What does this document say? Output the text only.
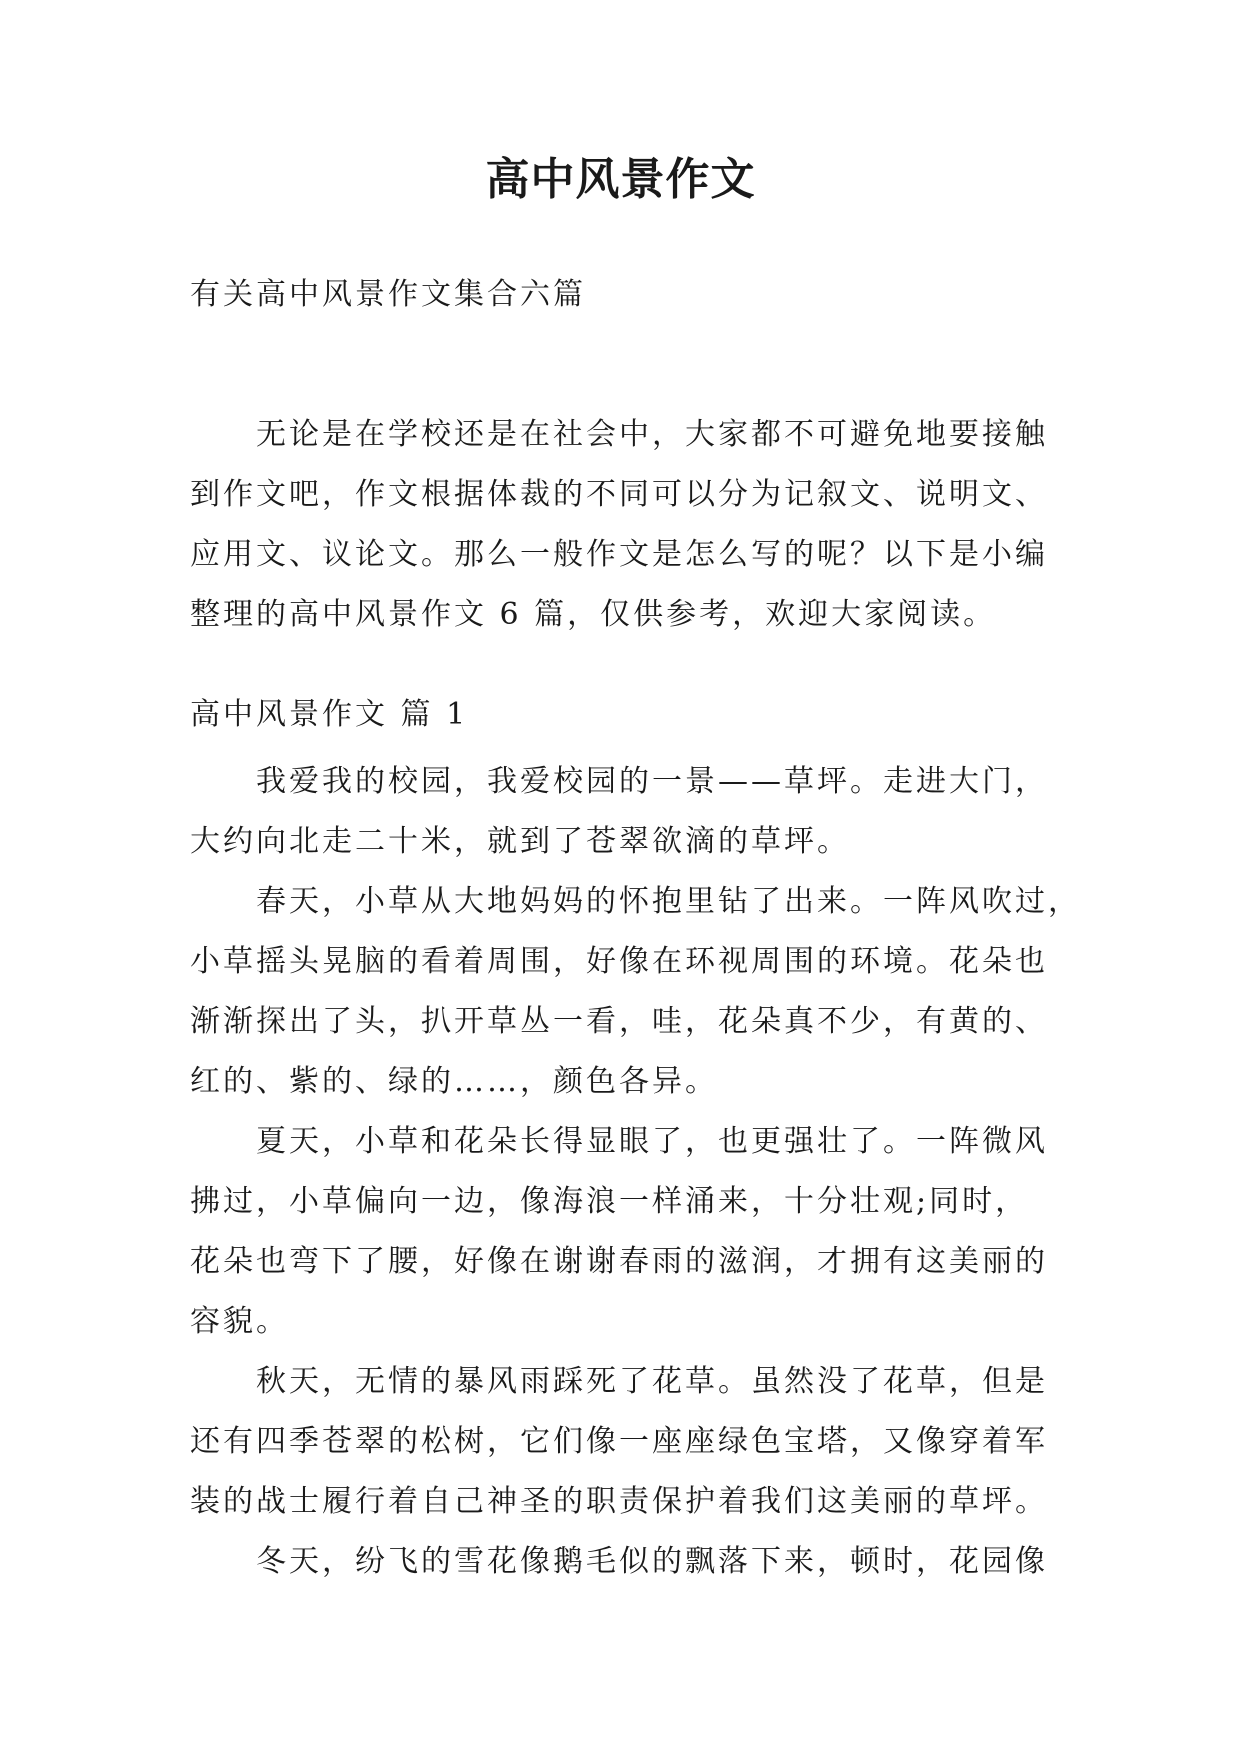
高中风景作文
有关高中风景作文集合六篇
无论是在学校还是在社会中，大家都不可避免地要接触
到作文吧，作文根据体裁的不同可以分为记叙文、说明文、
应用文、议论文。那么一般作文是怎么写的呢？以下是小编
整理的高中风景作文 6 篇，仅供参考，欢迎大家阅读。
高中风景作文 篇 1
我爱我的校园，我爱校园的一景——草坪。走进大门，
大约向北走二十米，就到了苍翠欲滴的草坪。
春天，小草从大地妈妈的怀抱里钻了出来。一阵风吹过，
小草摇头晃脑的看着周围，好像在环视周围的环境。花朵也
渐渐探出了头，扒开草丛一看，哇，花朵真不少，有黄的、
红的、紫的、绿的……，颜色各异。
夏天，小草和花朵长得显眼了，也更强壮了。一阵微风
拂过，小草偏向一边，像海浪一样涌来，十分壮观;同时，
花朵也弯下了腰，好像在谢谢春雨的滋润，才拥有这美丽的
容貌。
秋天，无情的暴风雨踩死了花草。虽然没了花草，但是
还有四季苍翠的松树，它们像一座座绿色宝塔，又像穿着军
装的战士履行着自己神圣的职责保护着我们这美丽的草坪。
冬天，纷飞的雪花像鹅毛似的飘落下来，顿时，花园像
